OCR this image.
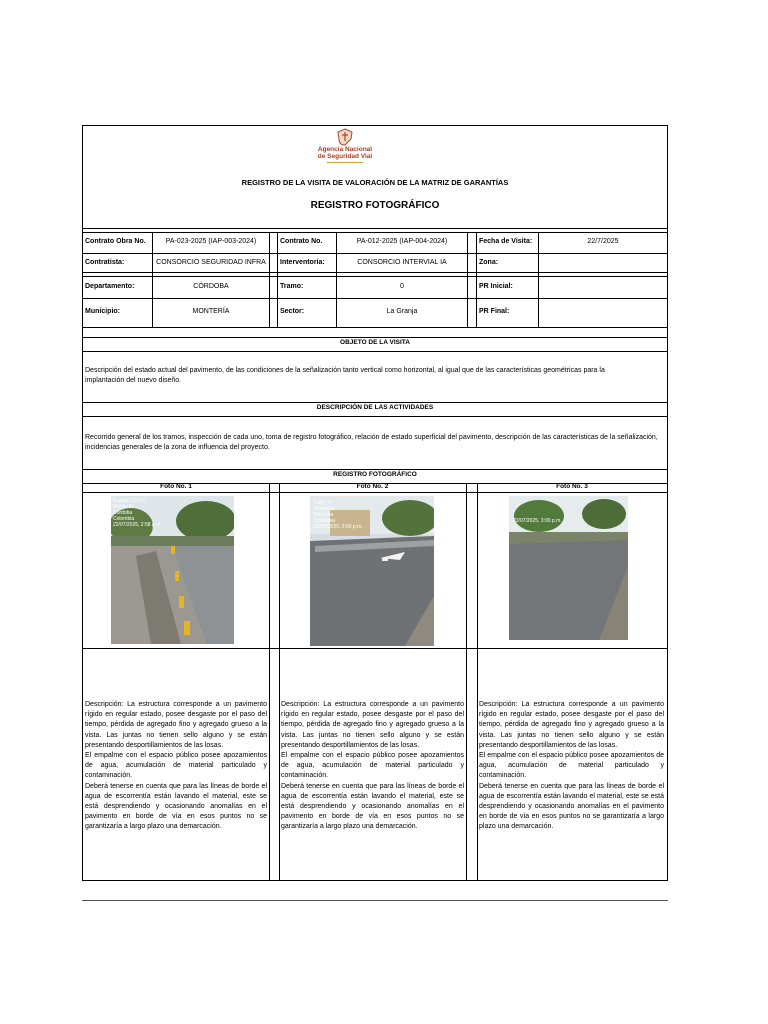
Agencia Nacional
de Seguridad Vial
REGISTRO DE LA VISITA DE VALORACIÓN DE LA MATRIZ DE GARANTÍAS
REGISTRO FOTOGRÁFICO
Contrato Obra No.	PA-023-2025 (IAP-003-2024)	Contrato No.	PA-012-2025 (IAP-004-2024)	Fecha de Visita:	22/7/2025
Contratista:	CONSORCIO SEGURIDAD INFRA	Interventoría:	CONSORCIO INTERVIAL IA	Zona:
Departamento:	CÓRDOBA	Tramo:	0	PR Inicial:
Municipio:	MONTERÍA	Sector:	La Granja	PR Final:
OBJETO DE LA VISITA
Descripción del estado actual del pavimento, de las condiciones de la señalización tanto vertical como horizontal, al igual que de las características geométricas para la implantación del nuevo diseño.
DESCRIPCIÓN DE LAS ACTIVIDADES
Recorrido general de los tramos, inspección de cada uno, toma de registro fotográfico, relación de estado superficial del pavimento, descripción de las características de la señalización, incidencias generales de la zona de influencia del proyecto.
REGISTRO FOTOGRÁFICO
Foto No. 1	Foto No. 2	Foto No. 3
Bogotá 22.0°C
Montería
Córdoba
Colombia
22/07/2025, 2:58 p.m.
Calle 47
Montería
Córdoba
Colombia
22/07/2025, 2:59 p.m.
22/07/2025, 3:00 p.m.
Descripción: La estructura corresponde a un pavimento rígido en regular estado, posee desgaste por el paso del tiempo, pérdida de agregado fino y agregado grueso a la vista. Las juntas no tienen sello alguno y se están presentando desportillamientos de las losas.
El empalme con el espacio público posee apozamientos de agua, acumulación de material particulado y contaminación.
Deberá tenerse en cuenta que para las líneas de borde el agua de escorrentía están lavando el material, este se está desprendiendo y ocasionando anomalías en el pavimento en borde de vía en esos puntos no se garantizaría a largo plazo una demarcación.
Descripción: La estructura corresponde a un pavimento rígido en regular estado, posee desgaste por el paso del tiempo, pérdida de agregado fino y agregado grueso a la vista. Las juntas no tienen sello alguno y se están presentando desportillamientos de las losas.
El empalme con el espacio público posee apozamientos de agua, acumulación de material particulado y contaminación.
Deberá tenerse en cuenta que para las líneas de borde el agua de escorrentía están lavando el material, este se está desprendiendo y ocasionando anomalías en el pavimento en borde de vía en esos puntos no se garantizaría a largo plazo una demarcación.
Descripción: La estructura corresponde a un pavimento rígido en regular estado, posee desgaste por el paso del tiempo, pérdida de agregado fino y agregado grueso a la vista. Las juntas no tienen sello alguno y se están presentando desportillamientos de las losas.
El empalme con el espacio público posee apozamientos de agua, acumulación de material particulado y contaminación.
Deberá tenerse en cuenta que para las líneas de borde el agua de escorrentía están lavando el material, este se está desprendiendo y ocasionando anomalías en el pavimento en borde de vía en esos puntos no se garantizaría a largo plazo una demarcación.
